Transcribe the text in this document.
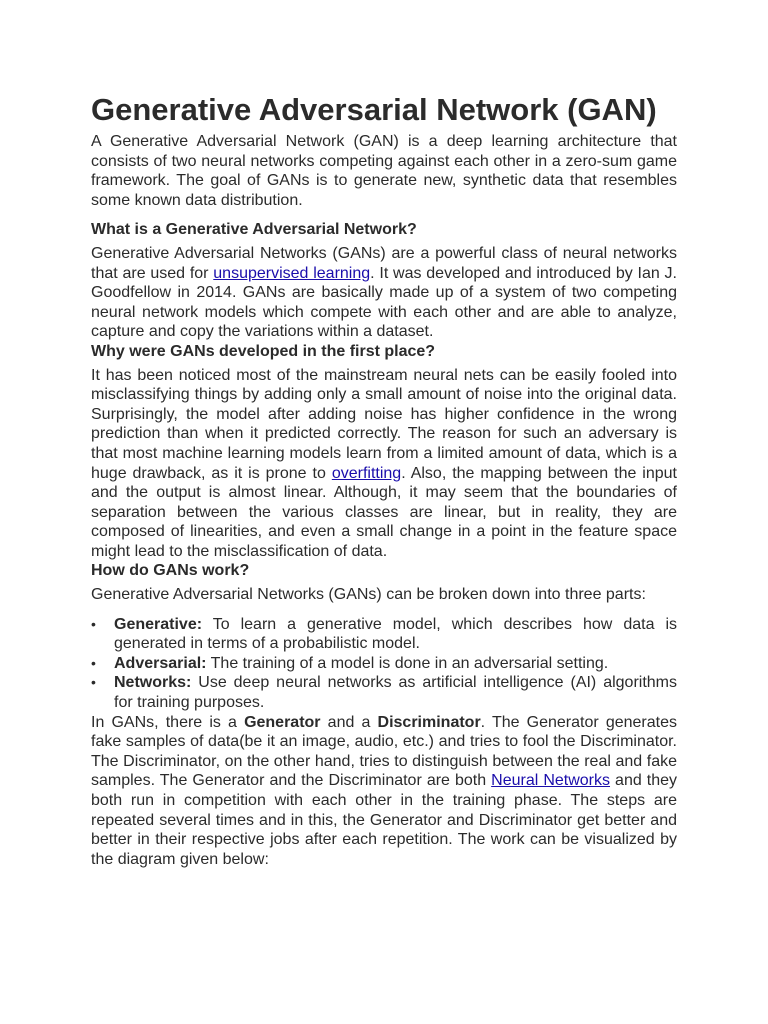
Generative Adversarial Network (GAN)

A Generative Adversarial Network (GAN) is a deep learning architecture that consists of two neural networks competing against each other in a zero-sum game framework. The goal of GANs is to generate new, synthetic data that resembles some known data distribution.

What is a Generative Adversarial Network?

Generative Adversarial Networks (GANs) are a powerful class of neural networks that are used for unsupervised learning. It was developed and introduced by Ian J. Goodfellow in 2014. GANs are basically made up of a system of two competing neural network models which compete with each other and are able to analyze, capture and copy the variations within a dataset.

Why were GANs developed in the first place?

It has been noticed most of the mainstream neural nets can be easily fooled into misclassifying things by adding only a small amount of noise into the original data. Surprisingly, the model after adding noise has higher confidence in the wrong prediction than when it predicted correctly. The reason for such an adversary is that most machine learning models learn from a limited amount of data, which is a huge drawback, as it is prone to overfitting. Also, the mapping between the input and the output is almost linear. Although, it may seem that the boundaries of separation between the various classes are linear, but in reality, they are composed of linearities, and even a small change in a point in the feature space might lead to the misclassification of data.

How do GANs work?

Generative Adversarial Networks (GANs) can be broken down into three parts:

• Generative: To learn a generative model, which describes how data is generated in terms of a probabilistic model.
• Adversarial: The training of a model is done in an adversarial setting.
• Networks: Use deep neural networks as artificial intelligence (AI) algorithms for training purposes.

In GANs, there is a Generator and a Discriminator. The Generator generates fake samples of data(be it an image, audio, etc.) and tries to fool the Discriminator. The Discriminator, on the other hand, tries to distinguish between the real and fake samples. The Generator and the Discriminator are both Neural Networks and they both run in competition with each other in the training phase. The steps are repeated several times and in this, the Generator and Discriminator get better and better in their respective jobs after each repetition. The work can be visualized by the diagram given below:
